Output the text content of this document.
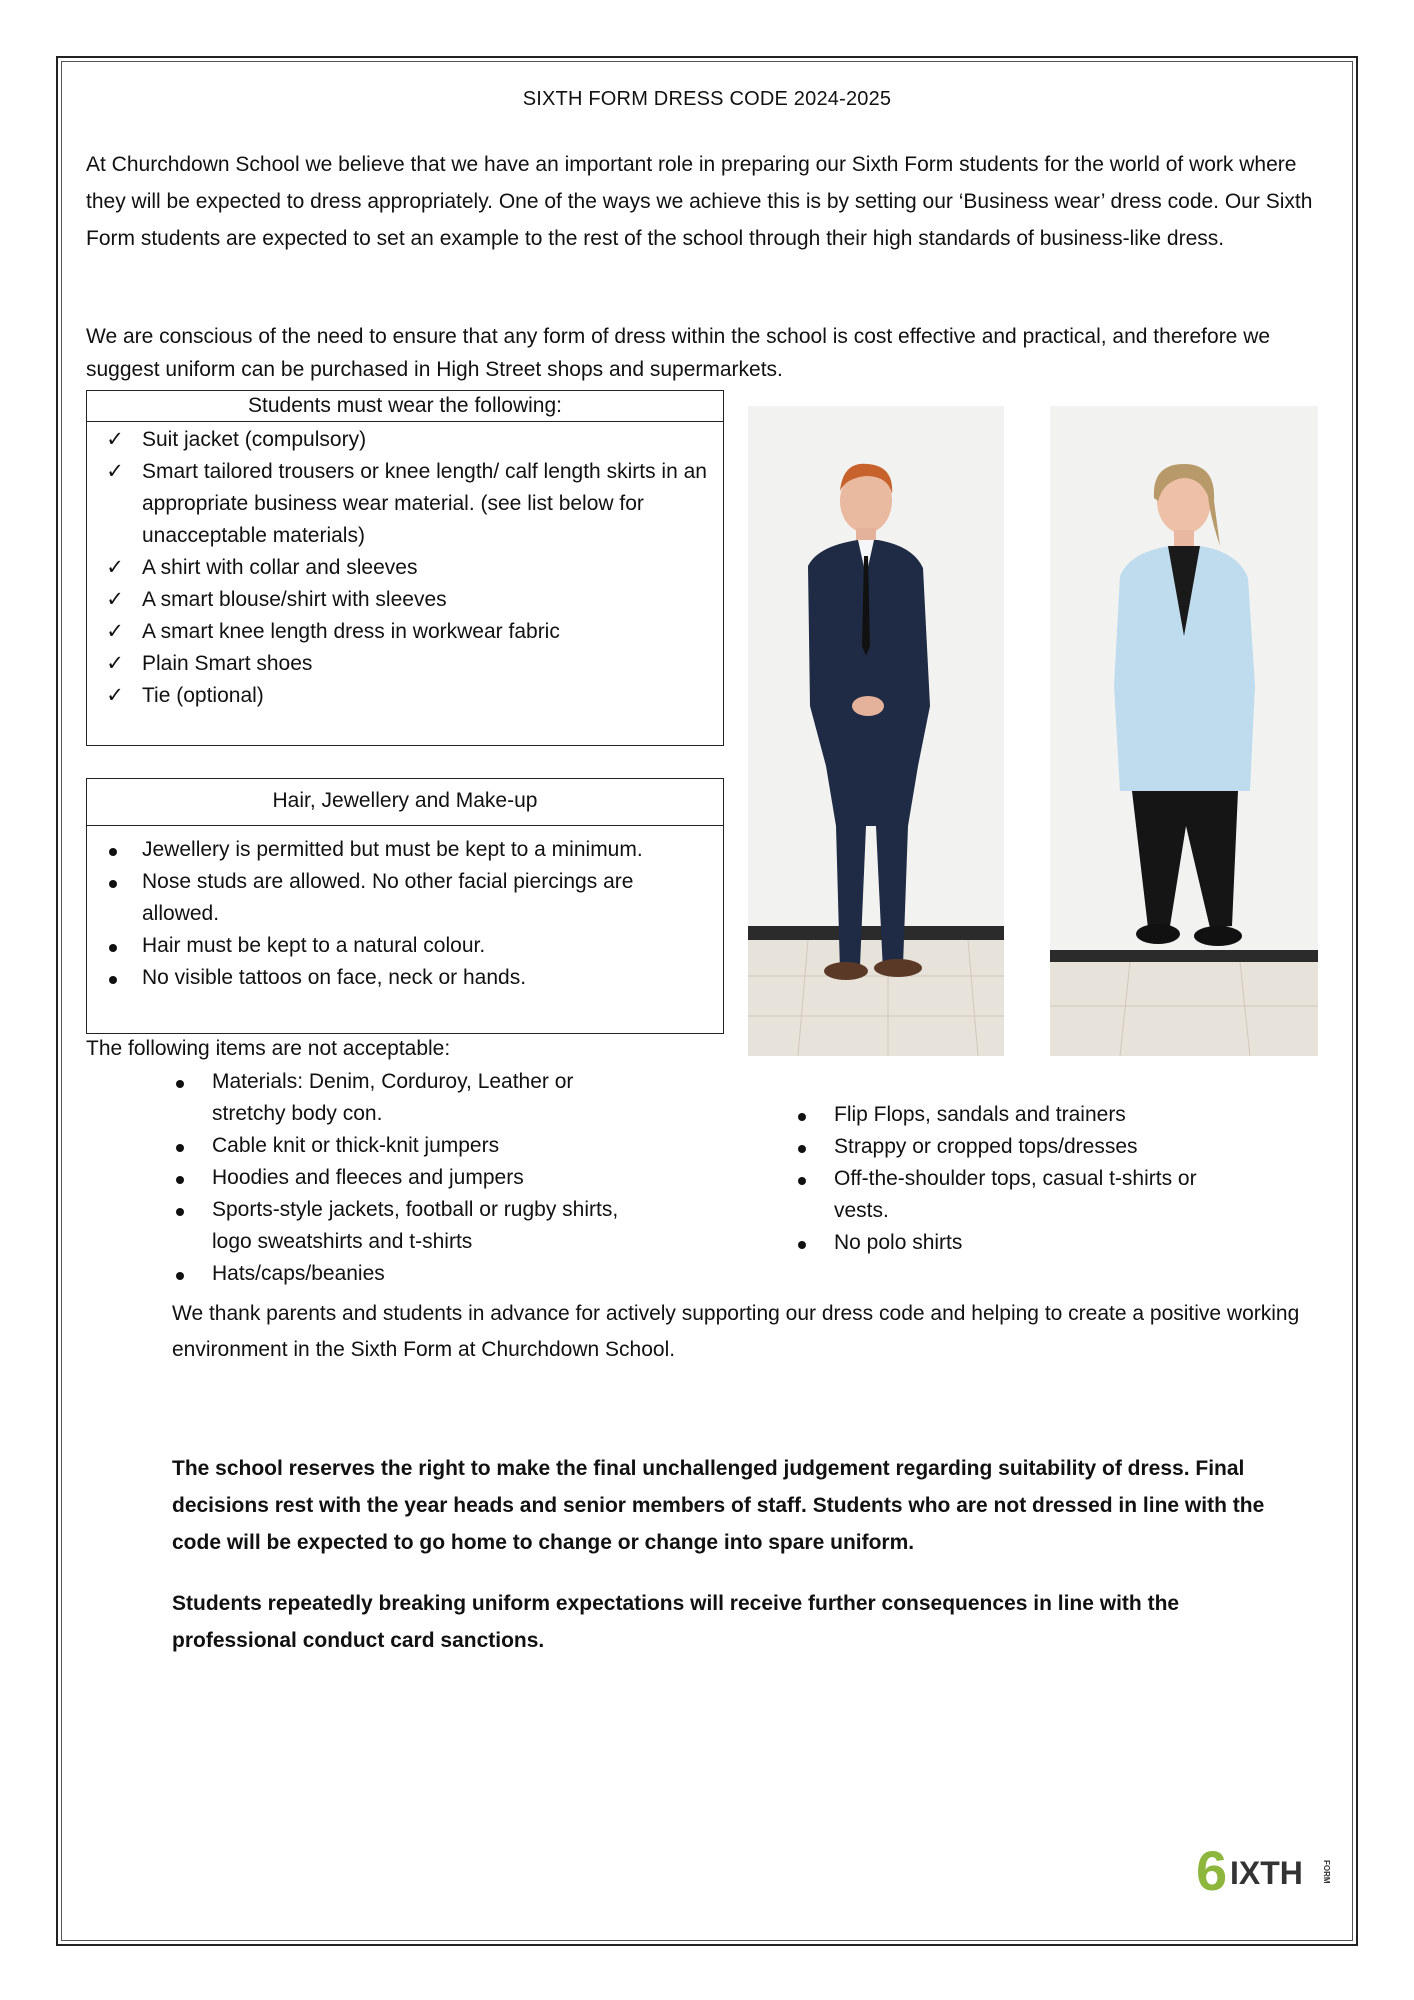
SIXTH FORM DRESS CODE 2024-2025

At Churchdown School we believe that we have an important role in preparing our Sixth Form students for the world of work where they will be expected to dress appropriately. One of the ways we achieve this is by setting our ‘Business wear’ dress code. Our Sixth Form students are expected to set an example to the rest of the school through their high standards of business-like dress.

We are conscious of the need to ensure that any form of dress within the school is cost effective and practical, and therefore we suggest uniform can be purchased in High Street shops and supermarkets.

Students must wear the following:
✓ Suit jacket (compulsory)
✓ Smart tailored trousers or knee length/ calf length skirts in an appropriate business wear material. (see list below for unacceptable materials)
✓ A shirt with collar and sleeves
✓ A smart blouse/shirt with sleeves
✓ A smart knee length dress in workwear fabric
✓ Plain Smart shoes
✓ Tie (optional)
Hair, Jewellery and Make-up
Jewellery is permitted but must be kept to a minimum.
Nose studs are allowed. No other facial piercings are allowed.
Hair must be kept to a natural colour.
No visible tattoos on face, neck or hands.
The following items are not acceptable:
Materials: Denim, Corduroy, Leather or stretchy body con.
Cable knit or thick-knit jumpers
Hoodies and fleeces and jumpers
Sports-style jackets, football or rugby shirts, logo sweatshirts and t-shirts
Hats/caps/beanies
Flip Flops, sandals and trainers
Strappy or cropped tops/dresses
Off-the-shoulder tops, casual t-shirts or vests.
No polo shirts

We thank parents and students in advance for actively supporting our dress code and helping to create a positive working environment in the Sixth Form at Churchdown School.

The school reserves the right to make the final unchallenged judgement regarding suitability of dress. Final decisions rest with the year heads and senior members of staff. Students who are not dressed in line with the code will be expected to go home to change or change into spare uniform.

Students repeatedly breaking uniform expectations will receive further consequences in line with the professional conduct card sanctions.

6 IXTH FORM
